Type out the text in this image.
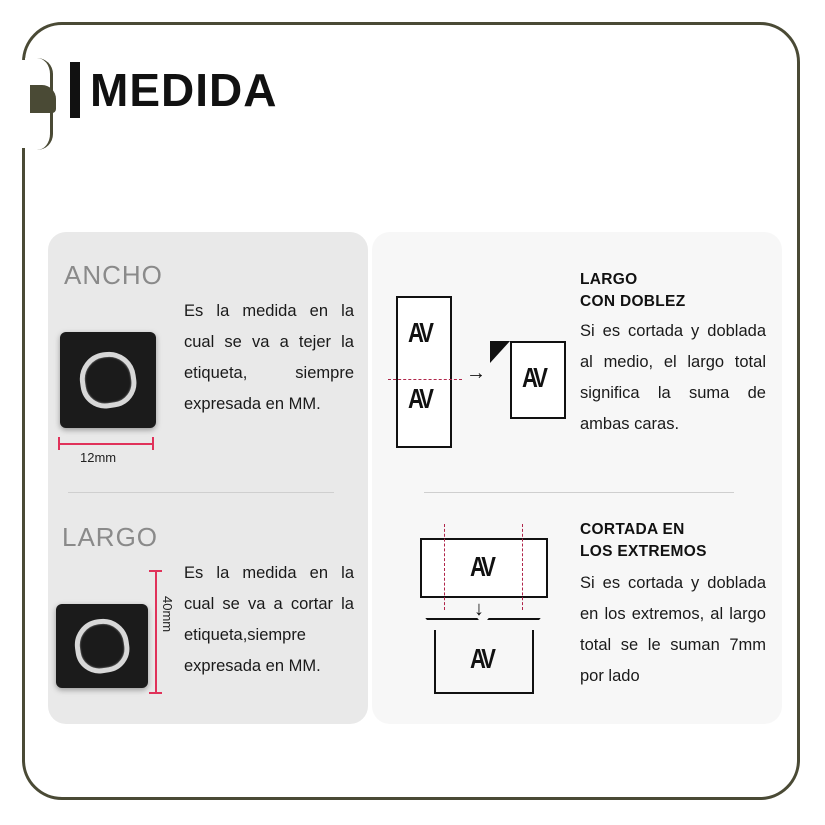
MEDIDA
ANCHO
12mm
Es la medida en la cual se va a tejer la etiqueta, siempre expresada en MM.
LARGO
40mm
Es la medida en la cual se va a cortar la etiqueta,siempre expresada en MM.
AV
AV
→ AV
LARGO
CON DOBLEZ
Si es cortada y doblada al medio, el largo total significa la suma de ambas caras.
AV
↓
AV
CORTADA EN
LOS EXTREMOS
Si es cortada y doblada en los extremos, al largo total se le suman 7mm por lado
